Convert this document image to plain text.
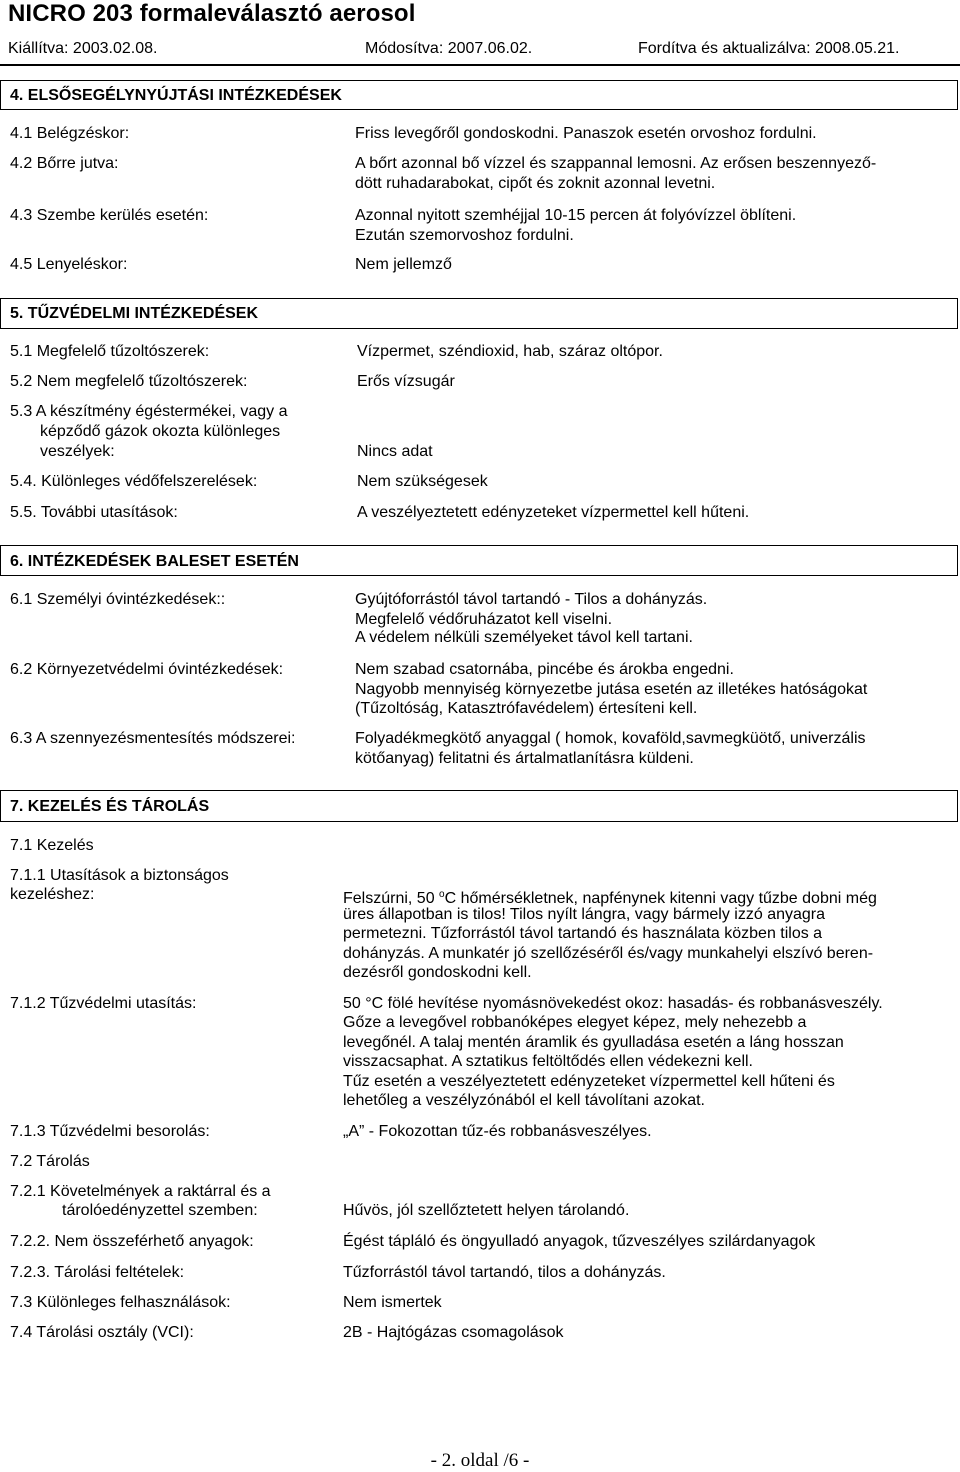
NICRO 203 formaleválasztó aerosol
Kiállítva: 2003.02.08.	Módosítva: 2007.06.02.	Fordítva és aktualizálva: 2008.05.21.
4. ELSŐSEGÉLYNYÚJTÁSI INTÉZKEDÉSEK
4.1 Belégzéskor:	Friss levegőről gondoskodni. Panaszok esetén orvoshoz fordulni.
4.2 Bőrre jutva:	A bőrt azonnal bő vízzel és szappannal lemosni. Az erősen beszennyező-
dött ruhadarabokat, cipőt és zoknit azonnal levetni.
4.3 Szembe kerülés esetén:	Azonnal nyitott szemhéjjal 10-15 percen át folyóvízzel öblíteni.
Ezután szemorvoshoz fordulni.
4.5 Lenyeléskor:	Nem jellemző
5. TŰZVÉDELMI INTÉZKEDÉSEK
5.1 Megfelelő tűzoltószerek:	Vízpermet, széndioxid, hab, száraz oltópor.
5.2 Nem megfelelő tűzoltószerek:	Erős vízsugár
5.3 A készítmény égéstermékei, vagy a
képződő gázok okozta különleges
veszélyek:	Nincs adat
5.4. Különleges védőfelszerelések:	Nem szükségesek
5.5. További utasítások:	A veszélyeztetett edényzeteket vízpermettel kell hűteni.
6. INTÉZKEDÉSEK BALESET ESETÉN
6.1 Személyi óvintézkedések::	Gyújtóforrástól távol tartandó - Tilos a dohányzás.
Megfelelő védőruházatot kell viselni.
A védelem nélküli személyeket távol kell tartani.
6.2 Környezetvédelmi óvintézkedések:	Nem szabad csatornába, pincébe és árokba engedni.
Nagyobb mennyiség környezetbe jutása esetén az illetékes hatóságokat
(Tűzoltóság, Katasztrófavédelem) értesíteni kell.
6.3 A szennyezésmentesítés módszerei:	Folyadékmegkötő anyaggal ( homok, kovaföld,savmegküötő, univerzális
kötőanyag) felitatni és ártalmatlanításra küldeni.
7. KEZELÉS ÉS TÁROLÁS
7.1 Kezelés
7.1.1 Utasítások a biztonságos
kezeléshez:	Felszúrni, 50 $^o$C hőmérsékletnek, napfénynek kitenni vagy tűzbe dobni még
üres állapotban is tilos! Tilos nyílt lángra, vagy bármely izzó anyagra
permetezni. Tűzforrástól távol tartandó és használata közben tilos a
dohányzás. A munkatér jó szellőzéséről és/vagy munkahelyi elszívó beren-
dezésről gondoskodni kell.
7.1.2 Tűzvédelmi utasítás:	50 °C fölé hevítése nyomásnövekedést okoz: hasadás- és robbanásveszély.
Gőze a levegővel robbanóképes elegyet képez, mely nehezebb a
levegőnél. A talaj mentén áramlik és gyulladása esetén a láng hosszan
visszacsaphat. A sztatikus feltöltődés ellen védekezni kell.
Tűz esetén a veszélyeztetett edényzeteket vízpermettel kell hűteni és
lehetőleg a veszélyzónából el kell távolítani azokat.
7.1.3 Tűzvédelmi besorolás:	„A” - Fokozottan tűz-és robbanásveszélyes.
7.2 Tárolás
7.2.1 Követelmények a raktárral és a
tárolóedényzettel szemben:	Hűvös, jól szellőztetett helyen tárolandó.
7.2.2. Nem összeférhető anyagok:	Égést tápláló és öngyulladó anyagok, tűzveszélyes szilárdanyagok
7.2.3. Tárolási feltételek:	Tűzforrástól távol tartandó, tilos a dohányzás.
7.3 Különleges felhasználások:	Nem ismertek
7.4 Tárolási osztály (VCI):	2B - Hajtógázas csomagolások
- 2. oldal /6 -
